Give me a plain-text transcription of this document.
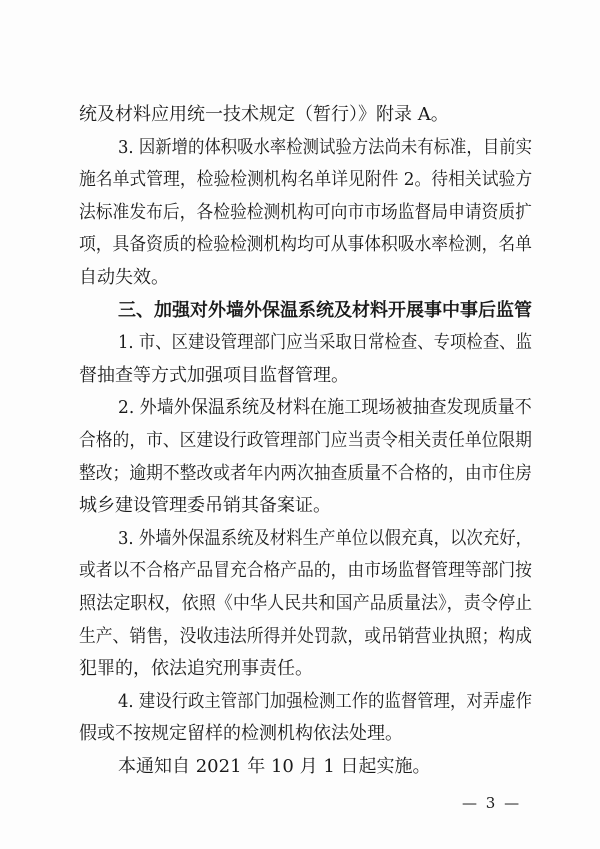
统及材料应用统一技术规定（暂行）》附录 A。
3. 因新增的体积吸水率检测试验方法尚未有标准，目前实
施名单式管理，检验检测机构名单详见附件 2。待相关试验方
法标准发布后，各检验检测机构可向市市场监督局申请资质扩
项，具备资质的检验检测机构均可从事体积吸水率检测，名单
自动失效。
三、加强对外墙外保温系统及材料开展事中事后监管
1. 市、区建设管理部门应当采取日常检查、专项检查、监
督抽查等方式加强项目监督管理。
2. 外墙外保温系统及材料在施工现场被抽查发现质量不
合格的，市、区建设行政管理部门应当责令相关责任单位限期
整改；逾期不整改或者年内两次抽查质量不合格的，由市住房
城乡建设管理委吊销其备案证。
3. 外墙外保温系统及材料生产单位以假充真，以次充好，
或者以不合格产品冒充合格产品的，由市场监督管理等部门按
照法定职权，依照《中华人民共和国产品质量法》，责令停止
生产、销售，没收违法所得并处罚款，或吊销营业执照；构成
犯罪的，依法追究刑事责任。
4. 建设行政主管部门加强检测工作的监督管理，对弄虚作
假或不按规定留样的检测机构依法处理。
本通知自 2021 年 10 月 1 日起实施。
— 3 —
